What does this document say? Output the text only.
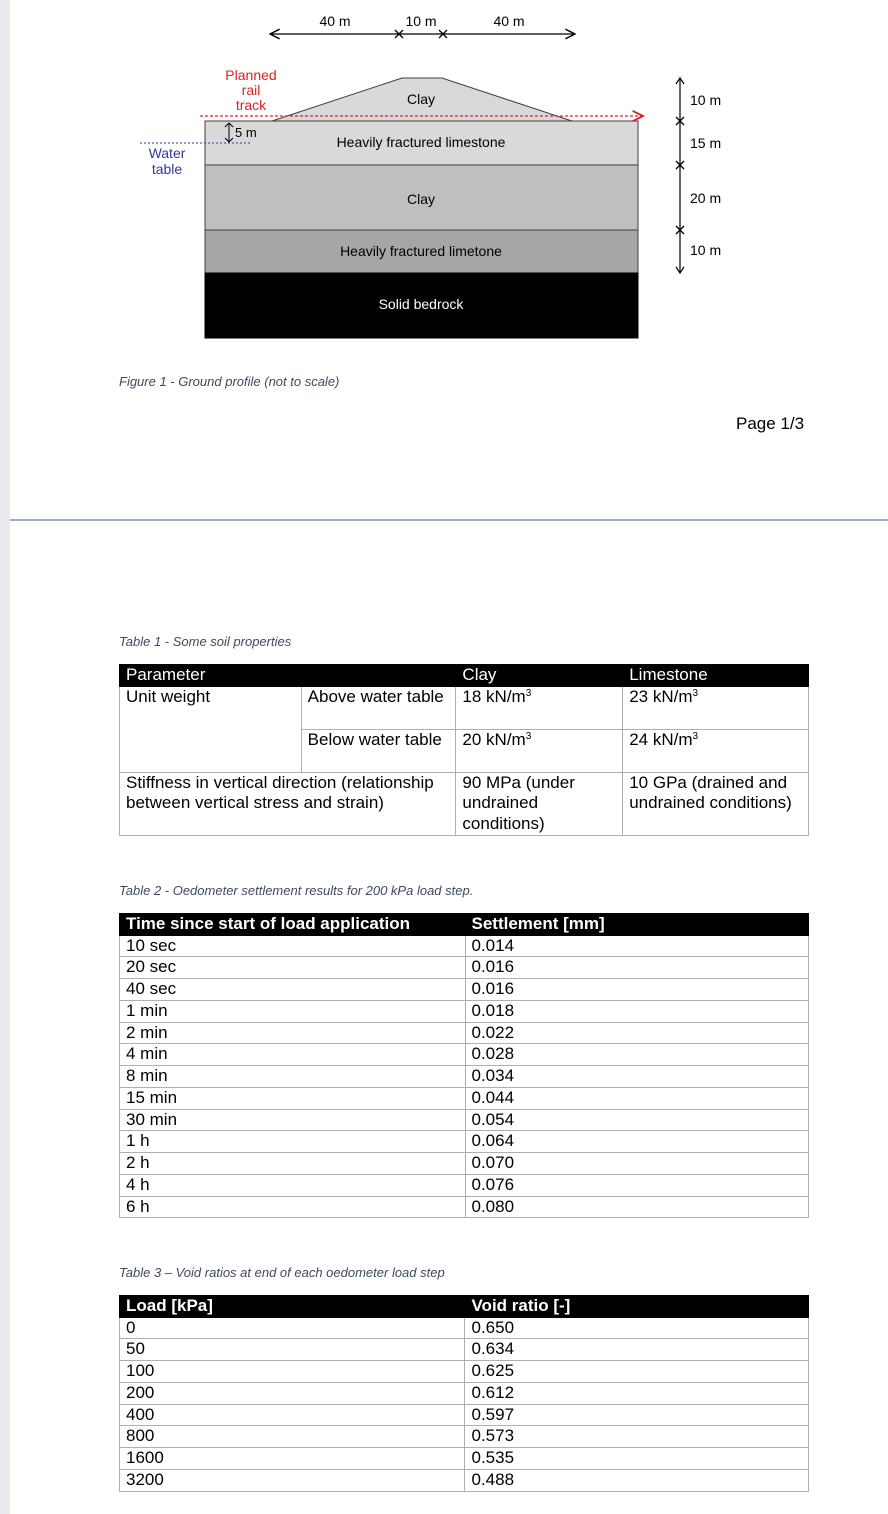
40 m	10 m	40 m
5 m
Planned
rail
track
Water
table
Clay
Heavily fractured limestone
Clay
Heavily fractured limetone
Solid bedrock
10 m
15 m
20 m
10 m
Figure 1 - Ground profile (not to scale)
Page 1/3
Table 1 - Some soil properties
Parameter		Clay	Limestone
Unit weight	Above water table	18 $kN/m^3$	23 $kN/m^3$
	Below water table	20 $kN/m^3$	24 $kN/m^3$
Stiffness in vertical direction (relationship between vertical stress and strain)		90 MPa (under undrained conditions)	10 GPa (drained and undrained conditions)
Table 2 - Oedometer settlement results for 200 kPa load step.
Time since start of load application	Settlement [mm]
10 sec	0.014
20 sec	0.016
40 sec	0.016
1 min	0.018
2 min	0.022
4 min	0.028
8 min	0.034
15 min	0.044
30 min	0.054
1 h	0.064
2 h	0.070
4 h	0.076
6 h	0.080
Table 3 – Void ratios at end of each oedometer load step
Load [kPa]	Void ratio [-]
0	0.650
50	0.634
100	0.625
200	0.612
400	0.597
800	0.573
1600	0.535
3200	0.488
